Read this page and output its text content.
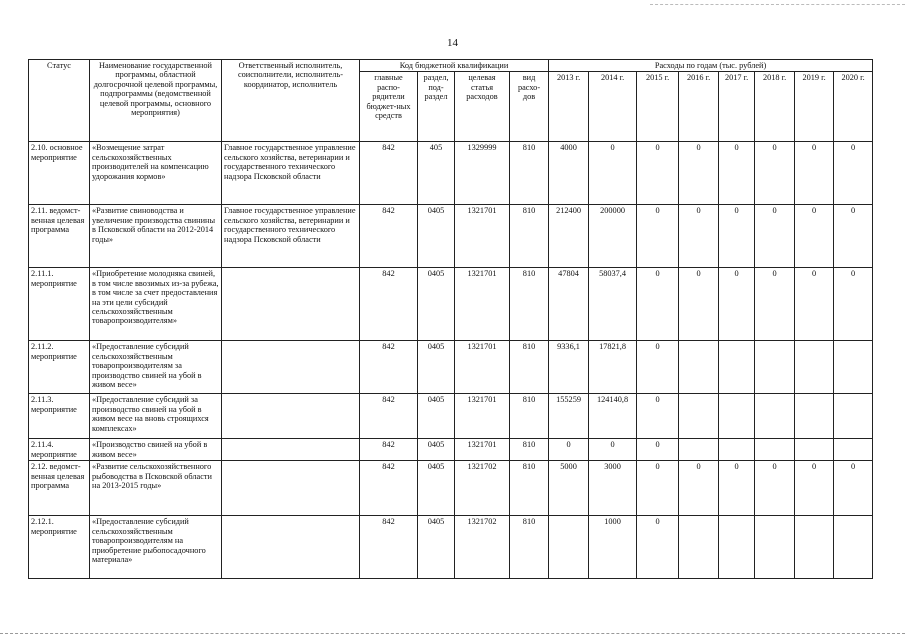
14
Статус	Наименование государственной программы, областной долгосрочной целевой программы, подпрограммы (ведомственной целевой программы, основного мероприятия)	Ответственный исполнитель, соисполнители, исполнитель-координатор, исполнитель	Код бюджетной квалификации				Расходы по годам (тыс. рублей)							
			главные распо-рядители бюджет-ных средств	раздел, под-раздел	целевая статья расходов	вид расхо-дов	2013 г.	2014 г.	2015 г.	2016 г.	2017 г.	2018 г.	2019 г.	2020 г.
2.10. основное мероприятие	«Возмещение затрат сельскохозяйственных производителей на компенсацию удорожания кормов»	Главное государственное управление сельского хозяйства, ветеринарии и государственного технического надзора Псковской области	842	405	1329999	810	4000	0	0	0	0	0	0	0
2.11. ведомст-венная целевая программа	«Развитие свиноводства и увеличение производства свинины в Псковской области на 2012-2014 годы»	Главное государственное управление сельского хозяйства, ветеринарии и государственного технического надзора Псковской области	842	0405	1321701	810	212400	200000	0	0	0	0	0	0
2.11.1. мероприятие	«Приобретение молодняка свиней, в том числе ввозимых из-за рубежа, в том числе за счет предоставления на эти цели субсидий сельскохозяйственным товаропроизводителям»		842	0405	1321701	810	47804	58037,4	0	0	0	0	0	0
2.11.2. мероприятие	«Предоставление субсидий сельскохозяйственным товаропроизводителям за производство свиней на убой в живом весе»		842	0405	1321701	810	9336,1	17821,8	0					
2.11.3. мероприятие	«Предоставление субсидий за производство свиней на убой в живом весе на вновь строящихся комплексах»		842	0405	1321701	810	155259	124140,8	0					
2.11.4. мероприятие	«Производство свиней на убой в живом весе»		842	0405	1321701	810	0	0	0					
2.12. ведомст-венная целевая программа	«Развитие сельскохозяйственного рыбоводства в Псковской области на 2013-2015 годы»		842	0405	1321702	810	5000	3000	0	0	0	0	0	0
2.12.1. мероприятие	«Предоставление субсидий сельскохозяйственным товаропроизводителям на приобретение рыбопосадочного материала»		842	0405	1321702	810		1000	0					
